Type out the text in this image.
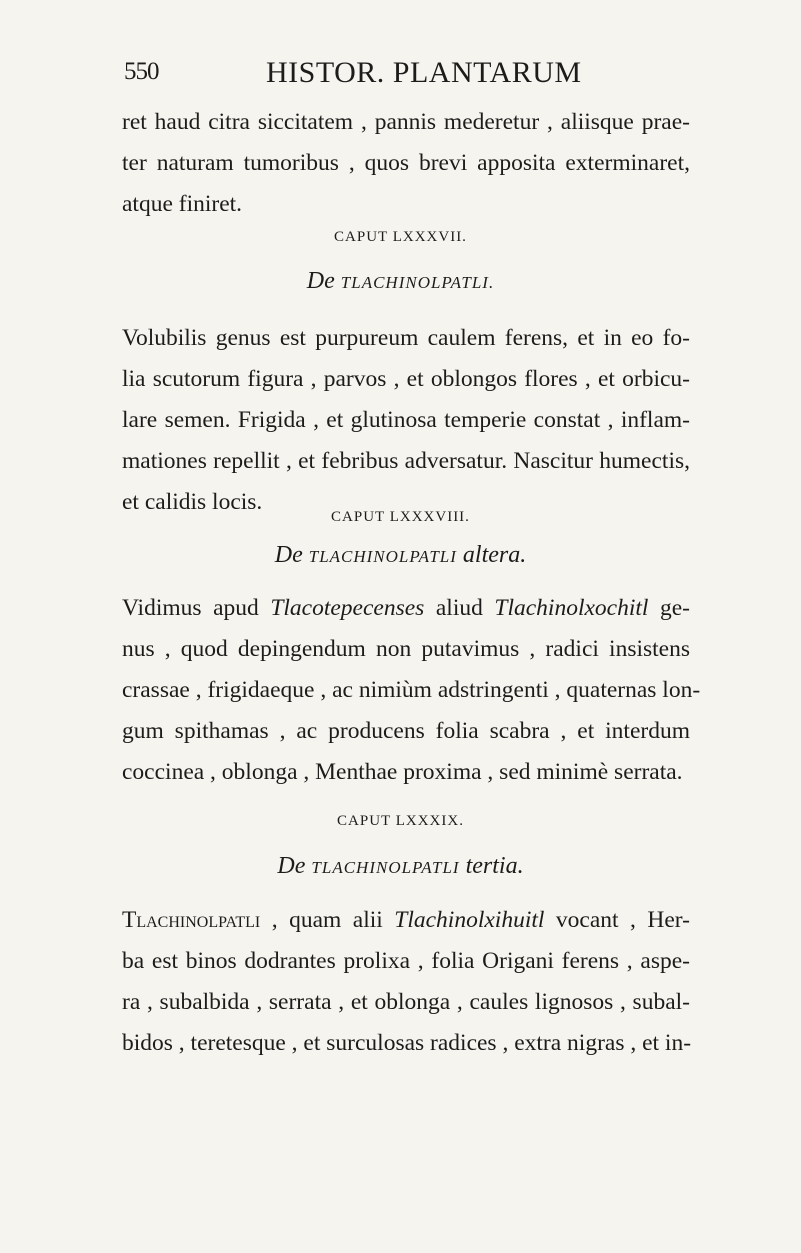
550	HISTOR. PLANTARUM

ret haud citra siccitatem , pannis mederetur , aliisque prae-
ter naturam tumoribus , quos brevi apposita exterminaret,
atque finiret.

CAPUT LXXXVII.
De TLACHINOLPATLI.

Volubilis genus est purpureum caulem ferens, et in eo fo-
lia scutorum figura , parvos , et oblongos flores , et orbicu-
lare semen. Frigida , et glutinosa temperie constat , inflam-
mationes repellit , et febribus adversatur. Nascitur humectis,
et calidis locis.

CAPUT LXXXVIII.
De TLACHINOLPATLI altera.

Vidimus apud Tlacotepecenses aliud Tlachinolxochitl ge-
nus , quod depingendum non putavimus , radici insistens
crassae , frigidaeque , ac nimiùm adstringenti , quaternas lon-
gum spithamas , ac producens folia scabra , et interdum
coccinea , oblonga , Menthae proxima , sed minimè serrata.

CAPUT LXXXIX.
De TLACHINOLPATLI tertia.

Tlachinolpatli , quam alii Tlachinolxihuitl vocant , Her-
ba est binos dodrantes prolixa , folia Origani ferens , aspe-
ra , subalbida , serrata , et oblonga , caules lignosos , subal-
bidos , teretesque , et surculosas radices , extra nigras , et in-
